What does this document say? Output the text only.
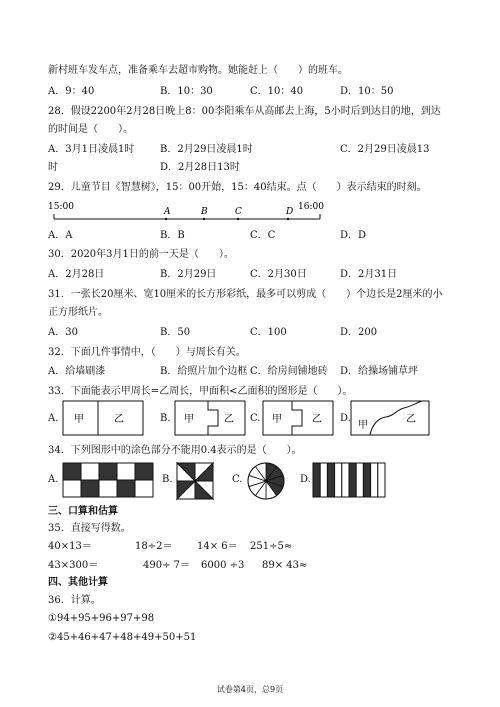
新村班车发车点，准备乘车去超市购物。她能赶上（　　）的班车。
A．9：40	B．10：30	C．10：40	D．10：50
28．假设2200年2月28日晚上8：00李阳乘车从高邮去上海，5小时后到达目的地，到达
的时间是（　　）。
A．3月1日凌晨1时	B．2月29日凌晨1时	C．2月29日凌晨13
D．2月28日13时
时
29．儿童节目《智慧树》，15：00开始，15：40结束。点（　　）表示结束的时刻。
15:00	16:00
A	B	C	D
A．A	B．B	C．C	D．D
30．2020年3月1日的前一天是（　　）。
A．2月28日	B．2月29日	C．2月30日	D．2月31日
31．一张长20厘米、宽10厘米的长方形彩纸，最多可以剪成（　　）个边长是2厘米的小
正方形纸片。
A．30	B．50	C．100	D．200
32．下面几件事情中，（　　）与周长有关。
A．给墙刷漆	B．给照片加个边框 C．给房间铺地砖 D．给操场铺草坪
33．下面能表示甲周长=乙周长，甲面积<乙面积的图形是（　　）。
A.	B.	C.	D.
甲	乙	甲	乙	甲	乙
甲
乙
34．下列图形中的涂色部分不能用0.4表示的是（　　）。
A.	B.	C.	D.
三、口算和估算
35．直接写得数。
40×13＝	18÷2＝ 14× 6＝ 251÷5≈
43×300＝	490÷ 7＝ 6000 ÷3 89× 43≈
四、其他计算
36．计算。
①94+95+96+97+98
②45+46+47+48+49+50+51
试卷第4页，总9页
